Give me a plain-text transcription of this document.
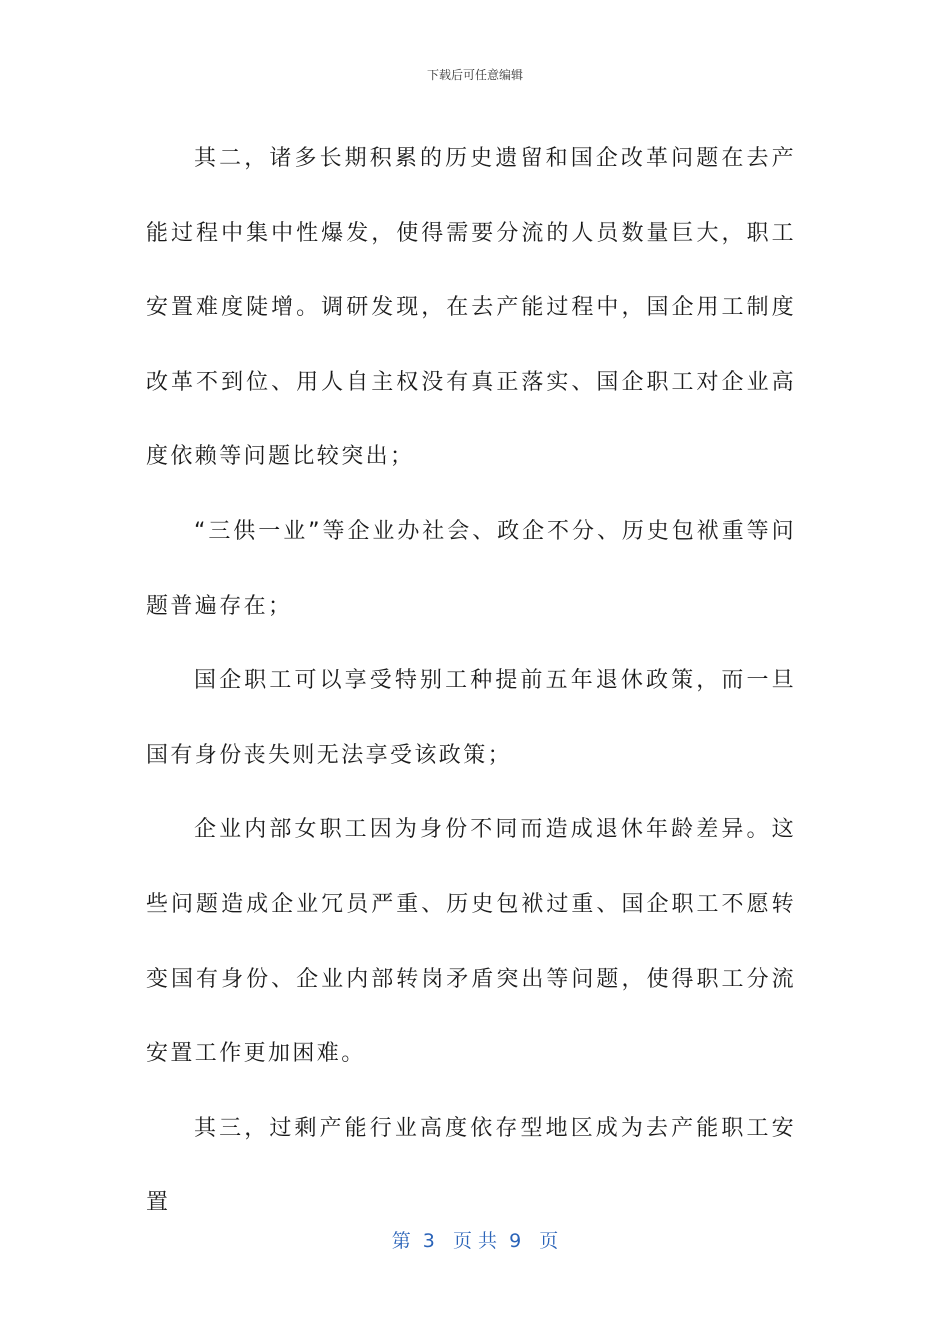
下载后可任意编辑

其二，诸多长期积累的历史遗留和国企改革问题在去产能过程中集中性爆发，使得需要分流的人员数量巨大，职工安置难度陡增。调研发现，在去产能过程中，国企用工制度改革不到位、用人自主权没有真正落实、国企职工对企业高度依赖等问题比较突出；

“三供一业”等企业办社会、政企不分、历史包袱重等问题普遍存在；

国企职工可以享受特别工种提前五年退休政策，而一旦国有身份丧失则无法享受该政策；

企业内部女职工因为身份不同而造成退休年龄差异。这些问题造成企业冗员严重、历史包袱过重、国企职工不愿转变国有身份、企业内部转岗矛盾突出等问题，使得职工分流安置工作更加困难。

其三，过剩产能行业高度依存型地区成为去产能职工安置

第  3   页 共  9   页
